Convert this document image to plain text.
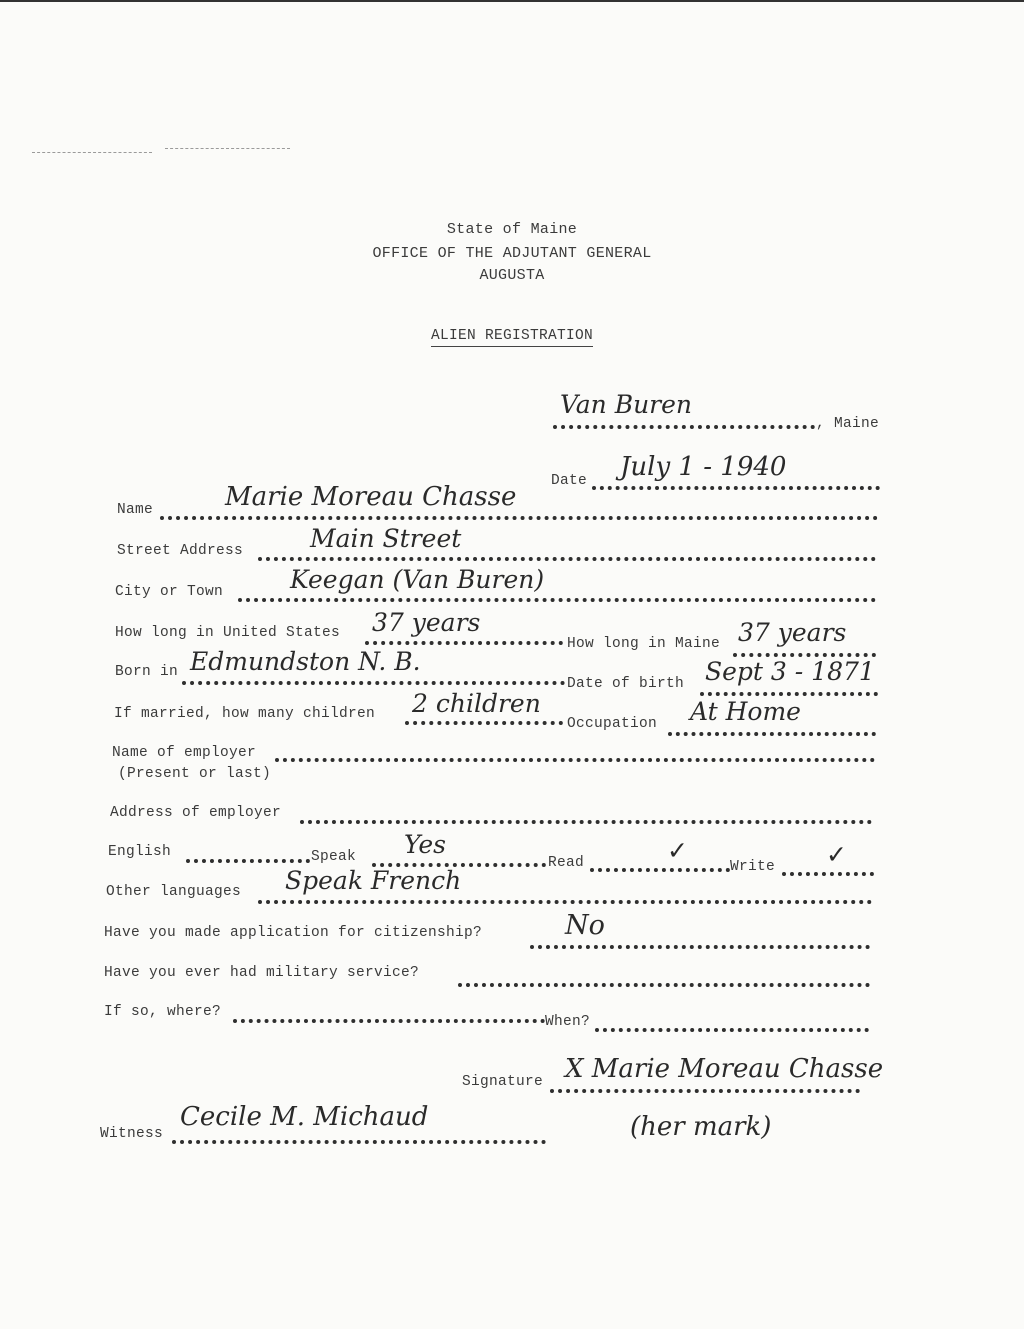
State of Maine
OFFICE OF THE ADJUTANT GENERAL
AUGUSTA
ALIEN REGISTRATION
Van Buren
, Maine
Date July 1 - 1940
Name	Marie Moreau Chasse
Street Address	Main Street
City or Town	Keegan (Van Buren)
How long in United States 37 years
How long in Maine 37 years
Born in Edmundston N. B.
Date of birth Sept 3 - 1871
If married, how many children 2 children
Occupation At Home
Name of employer
(Present or last)
Address of employer
English	Speak Yes
Read	✓
Write ✓
Other languages Speak French
Have you made application for citizenship?	No
Have you ever had military service?
If so, where?
When?
Signature X Marie Moreau Chasse
(her mark)
Witness
Cecile M. Michaud
